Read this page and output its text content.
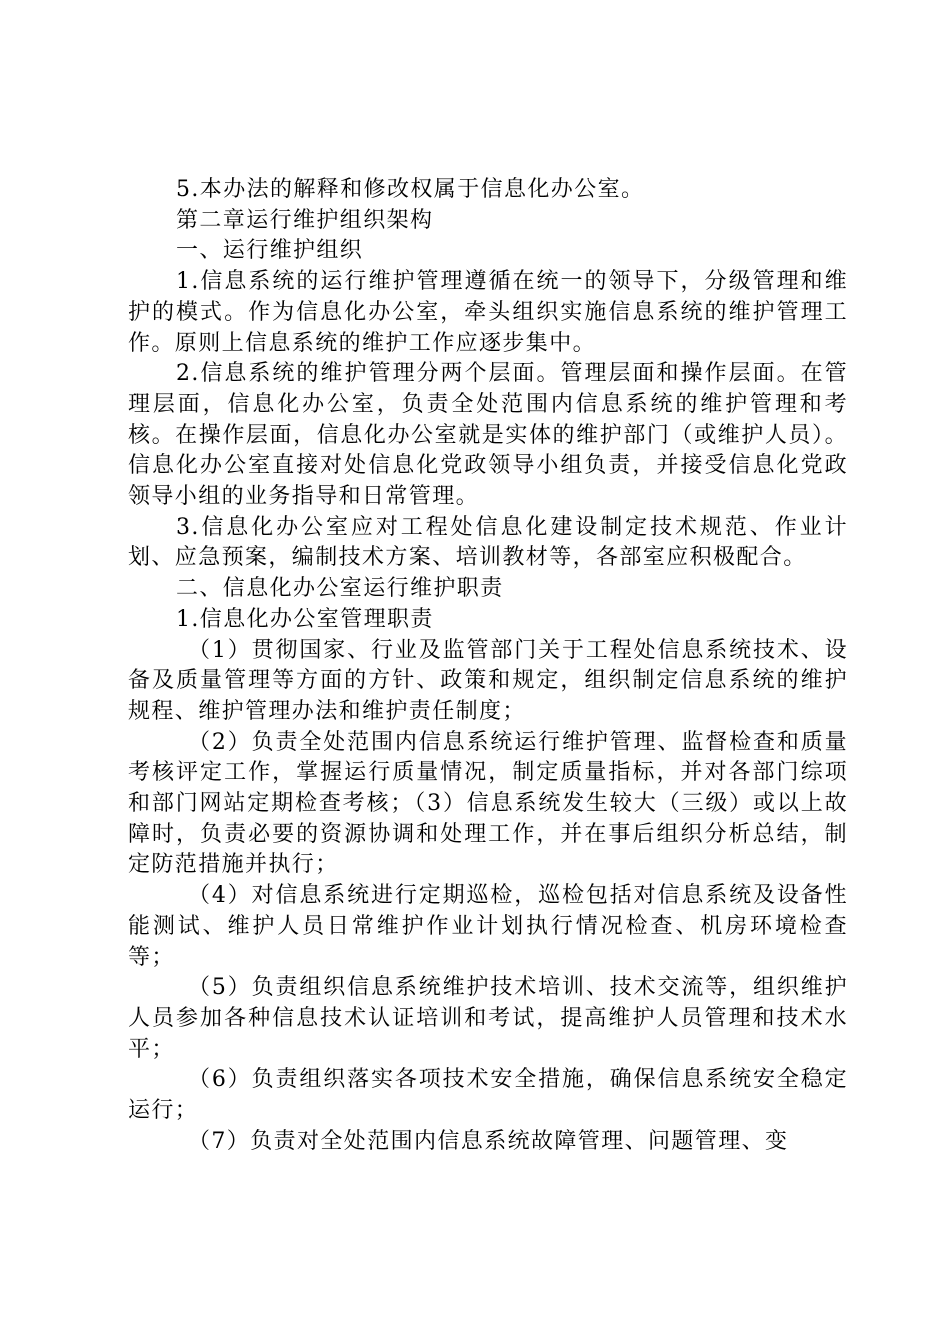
5.本办法的解释和修改权属于信息化办公室。

第二章运行维护组织架构

一、运行维护组织

1.信息系统的运行维护管理遵循在统一的领导下，分级管理和维护的模式。作为信息化办公室，牵头组织实施信息系统的维护管理工作。原则上信息系统的维护工作应逐步集中。

2.信息系统的维护管理分两个层面。管理层面和操作层面。在管理层面，信息化办公室，负责全处范围内信息系统的维护管理和考核。在操作层面，信息化办公室就是实体的维护部门（或维护人员）。信息化办公室直接对处信息化党政领导小组负责，并接受信息化党政领导小组的业务指导和日常管理。

3.信息化办公室应对工程处信息化建设制定技术规范、作业计划、应急预案，编制技术方案、培训教材等，各部室应积极配合。

二、信息化办公室运行维护职责

1.信息化办公室管理职责

（1）贯彻国家、行业及监管部门关于工程处信息系统技术、设备及质量管理等方面的方针、政策和规定，组织制定信息系统的维护规程、维护管理办法和维护责任制度；

（2）负责全处范围内信息系统运行维护管理、监督检查和质量考核评定工作，掌握运行质量情况，制定质量指标，并对各部门综项和部门网站定期检查考核；（3）信息系统发生较大（三级）或以上故障时，负责必要的资源协调和处理工作，并在事后组织分析总结，制定防范措施并执行；

（4）对信息系统进行定期巡检，巡检包括对信息系统及设备性能测试、维护人员日常维护作业计划执行情况检查、机房环境检查等；

（5）负责组织信息系统维护技术培训、技术交流等，组织维护人员参加各种信息技术认证培训和考试，提高维护人员管理和技术水平；

（6）负责组织落实各项技术安全措施，确保信息系统安全稳定运行；

（7）负责对全处范围内信息系统故障管理、问题管理、变
